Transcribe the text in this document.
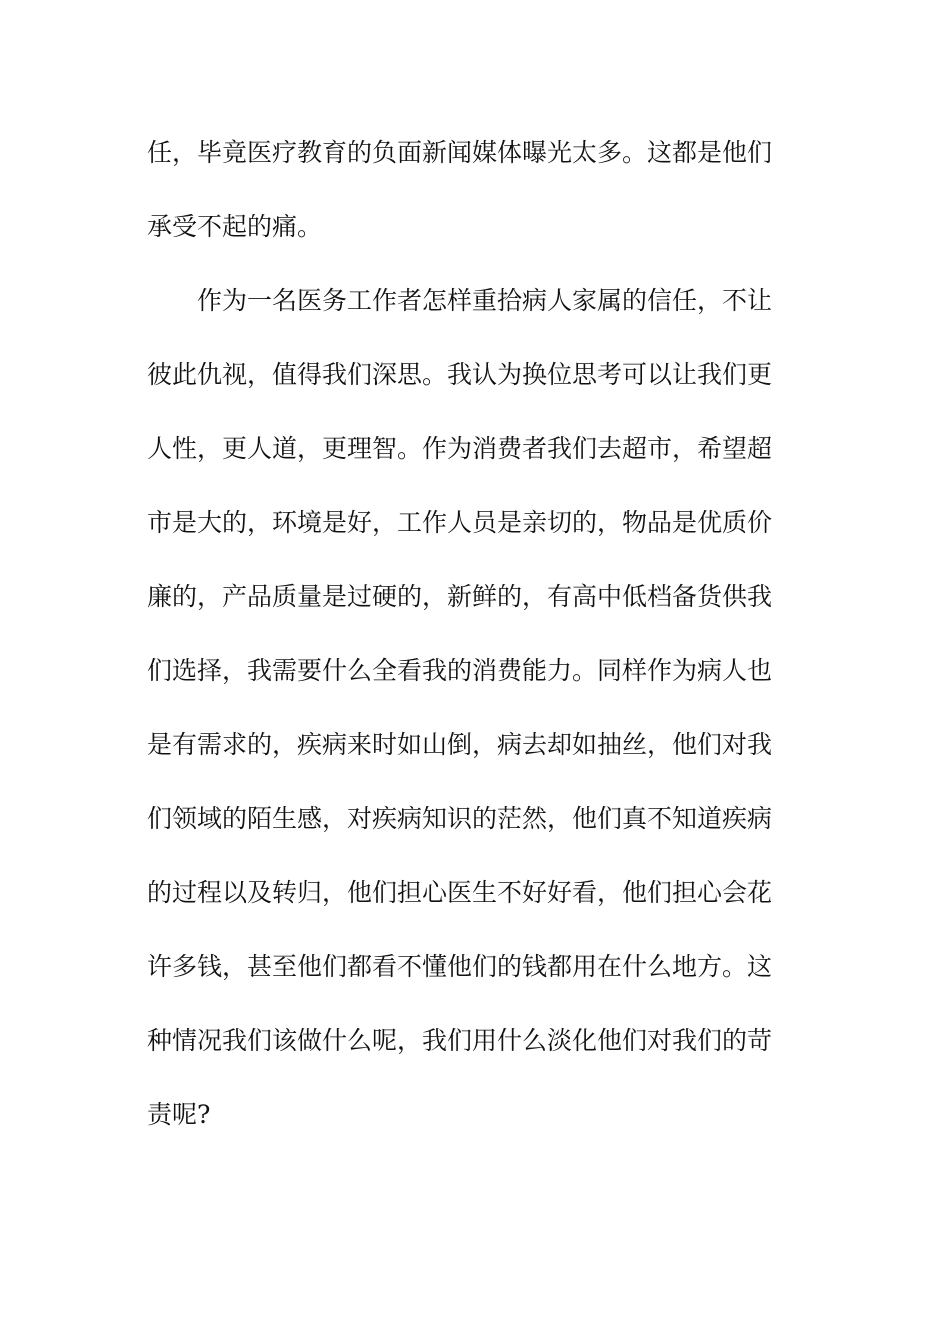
任，毕竟医疗教育的负面新闻媒体曝光太多。这都是他们
承受不起的痛。
作为一名医务工作者怎样重拾病人家属的信任，不让
彼此仇视，值得我们深思。我认为换位思考可以让我们更
人性，更人道，更理智。作为消费者我们去超市，希望超
市是大的，环境是好，工作人员是亲切的，物品是优质价
廉的，产品质量是过硬的，新鲜的，有高中低档备货供我
们选择，我需要什么全看我的消费能力。同样作为病人也
是有需求的，疾病来时如山倒，病去却如抽丝，他们对我
们领域的陌生感，对疾病知识的茫然，他们真不知道疾病
的过程以及转归，他们担心医生不好好看，他们担心会花
许多钱，甚至他们都看不懂他们的钱都用在什么地方。这
种情况我们该做什么呢，我们用什么淡化他们对我们的苛
责呢?
